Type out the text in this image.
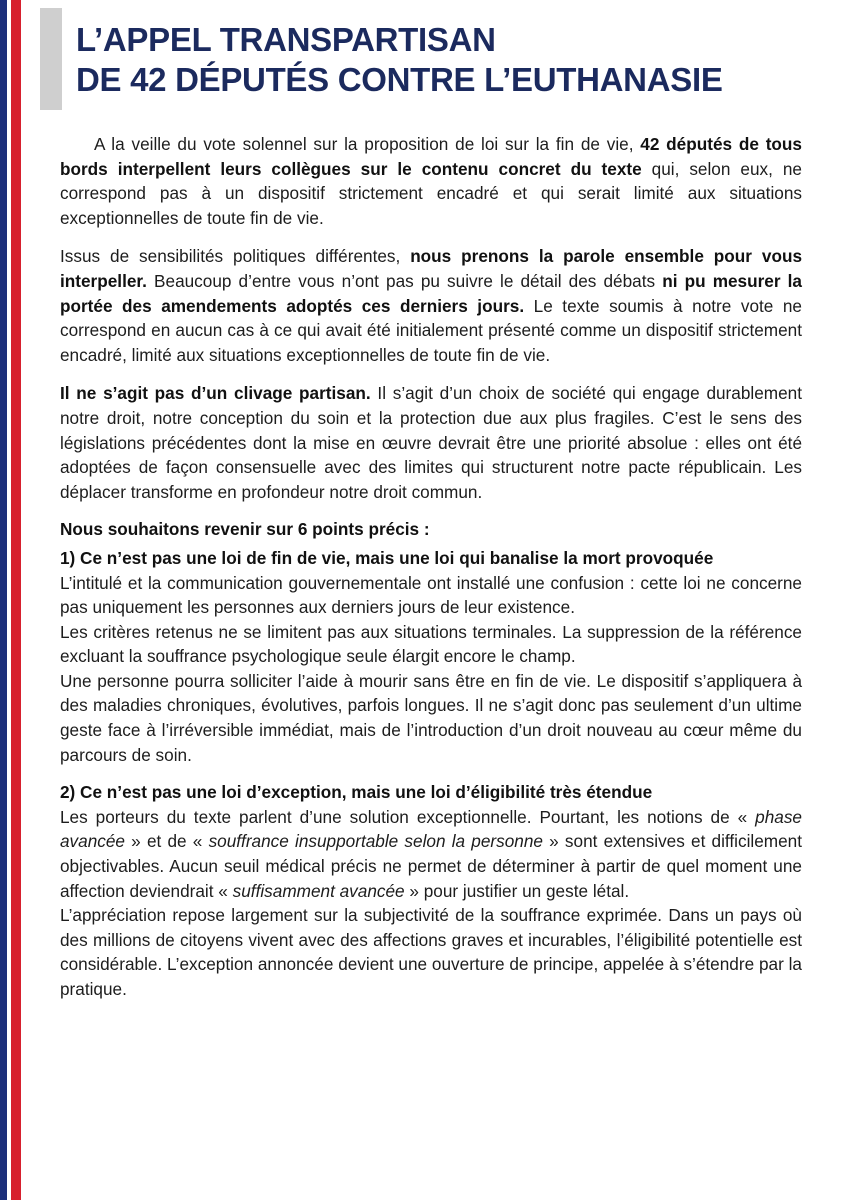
L’APPEL TRANSPARTISAN
DE 42 DÉPUTÉS CONTRE L’EUTHANASIE

A la veille du vote solennel sur la proposition de loi sur la fin de vie, 42 députés de tous bords interpellent leurs collègues sur le contenu concret du texte qui, selon eux, ne correspond pas à un dispositif strictement encadré et qui serait limité aux situations exceptionnelles de toute fin de vie.

Issus de sensibilités politiques différentes, nous prenons la parole ensemble pour vous interpeller. Beaucoup d’entre vous n’ont pas pu suivre le détail des débats ni pu mesurer la portée des amendements adoptés ces derniers jours. Le texte soumis à notre vote ne correspond en aucun cas à ce qui avait été initialement présenté comme un dispositif strictement encadré, limité aux situations exceptionnelles de toute fin de vie.

Il ne s’agit pas d’un clivage partisan. Il s’agit d’un choix de société qui engage durablement notre droit, notre conception du soin et la protection due aux plus fragiles. C’est le sens des législations précédentes dont la mise en œuvre devrait être une priorité absolue : elles ont été adoptées de façon consensuelle avec des limites qui structurent notre pacte républicain. Les déplacer transforme en profondeur notre droit commun.

Nous souhaitons revenir sur 6 points précis :

1) Ce n’est pas une loi de fin de vie, mais une loi qui banalise la mort provoquée

L’intitulé et la communication gouvernementale ont installé une confusion : cette loi ne concerne pas uniquement les personnes aux derniers jours de leur existence.

Les critères retenus ne se limitent pas aux situations terminales. La suppression de la référence excluant la souffrance psychologique seule élargit encore le champ.

Une personne pourra solliciter l’aide à mourir sans être en fin de vie. Le dispositif s’appliquera à des maladies chroniques, évolutives, parfois longues. Il ne s’agit donc pas seulement d’un ultime geste face à l’irréversible immédiat, mais de l’introduction d’un droit nouveau au cœur même du parcours de soin.

2) Ce n’est pas une loi d’exception, mais une loi d’éligibilité très étendue

Les porteurs du texte parlent d’une solution exceptionnelle. Pourtant, les notions de « phase avancée » et de « souffrance insupportable selon la personne » sont extensives et difficilement objectivables. Aucun seuil médical précis ne permet de déterminer à partir de quel moment une affection deviendrait « suffisamment avancée » pour justifier un geste létal.

L’appréciation repose largement sur la subjectivité de la souffrance exprimée. Dans un pays où des millions de citoyens vivent avec des affections graves et incurables, l’éligibilité potentielle est considérable. L’exception annoncée devient une ouverture de principe, appelée à s’étendre par la pratique.
